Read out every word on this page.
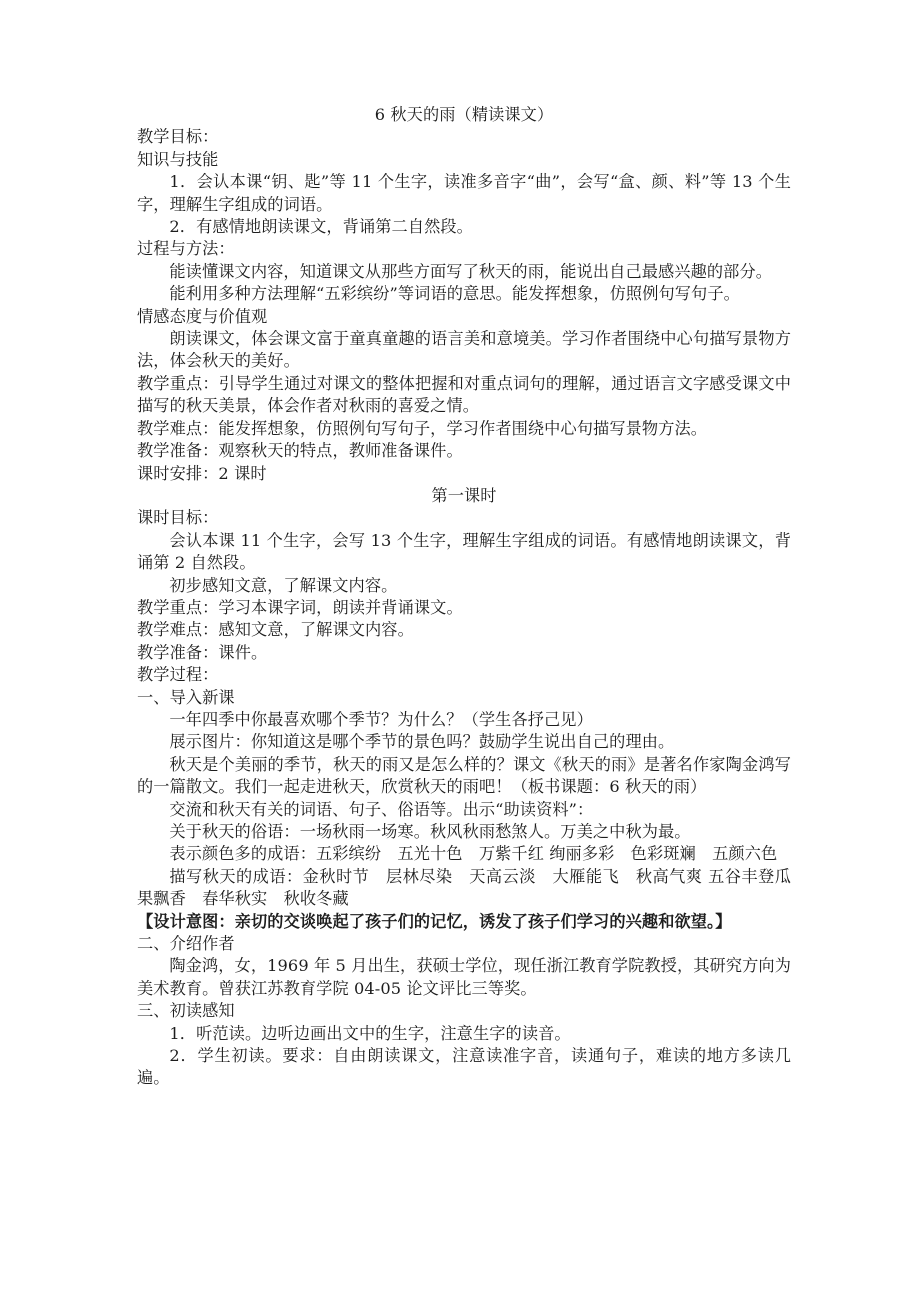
6 秋天的雨（精读课文）
教学目标：
知识与技能
1．会认本课“钥、匙”等 11 个生字，读准多音字“曲”，会写“盒、颜、料”等 13 个生字，理解生字组成的词语。
2．有感情地朗读课文，背诵第二自然段。
过程与方法：
能读懂课文内容，知道课文从那些方面写了秋天的雨，能说出自己最感兴趣的部分。
能利用多种方法理解“五彩缤纷”等词语的意思。能发挥想象，仿照例句写句子。
情感态度与价值观
朗读课文，体会课文富于童真童趣的语言美和意境美。学习作者围绕中心句描写景物方法，体会秋天的美好。
教学重点：引导学生通过对课文的整体把握和对重点词句的理解，通过语言文字感受课文中描写的秋天美景，体会作者对秋雨的喜爱之情。
教学难点：能发挥想象，仿照例句写句子，学习作者围绕中心句描写景物方法。
教学准备：观察秋天的特点，教师准备课件。
课时安排：2 课时
第一课时
课时目标：
会认本课 11 个生字，会写 13 个生字，理解生字组成的词语。有感情地朗读课文，背诵第 2 自然段。
初步感知文意，了解课文内容。
教学重点：学习本课字词，朗读并背诵课文。
教学难点：感知文意，了解课文内容。
教学准备：课件。
教学过程：
一、导入新课
一年四季中你最喜欢哪个季节？为什么？（学生各抒己见）
展示图片：你知道这是哪个季节的景色吗？鼓励学生说出自己的理由。
秋天是个美丽的季节，秋天的雨又是怎么样的？课文《秋天的雨》是著名作家陶金鸿写的一篇散文。我们一起走进秋天，欣赏秋天的雨吧！（板书课题：6 秋天的雨）
交流和秋天有关的词语、句子、俗语等。出示“助读资料”：
关于秋天的俗语：一场秋雨一场寒。秋风秋雨愁煞人。万美之中秋为最。
表示颜色多的成语：五彩缤纷　五光十色　万紫千红 绚丽多彩　色彩斑斓　五颜六色
描写秋天的成语：金秋时节　层林尽染　天高云淡　大雁能飞　秋高气爽 五谷丰登瓜果飘香　春华秋实　秋收冬藏
【设计意图：亲切的交谈唤起了孩子们的记忆，诱发了孩子们学习的兴趣和欲望。】
二、介绍作者
陶金鸿，女，1969 年 5 月出生，获硕士学位，现任浙江教育学院教授，其研究方向为美术教育。曾获江苏教育学院 04-05 论文评比三等奖。
三、初读感知
1．听范读。边听边画出文中的生字，注意生字的读音。
2．学生初读。要求：自由朗读课文，注意读准字音，读通句子，难读的地方多读几遍。
